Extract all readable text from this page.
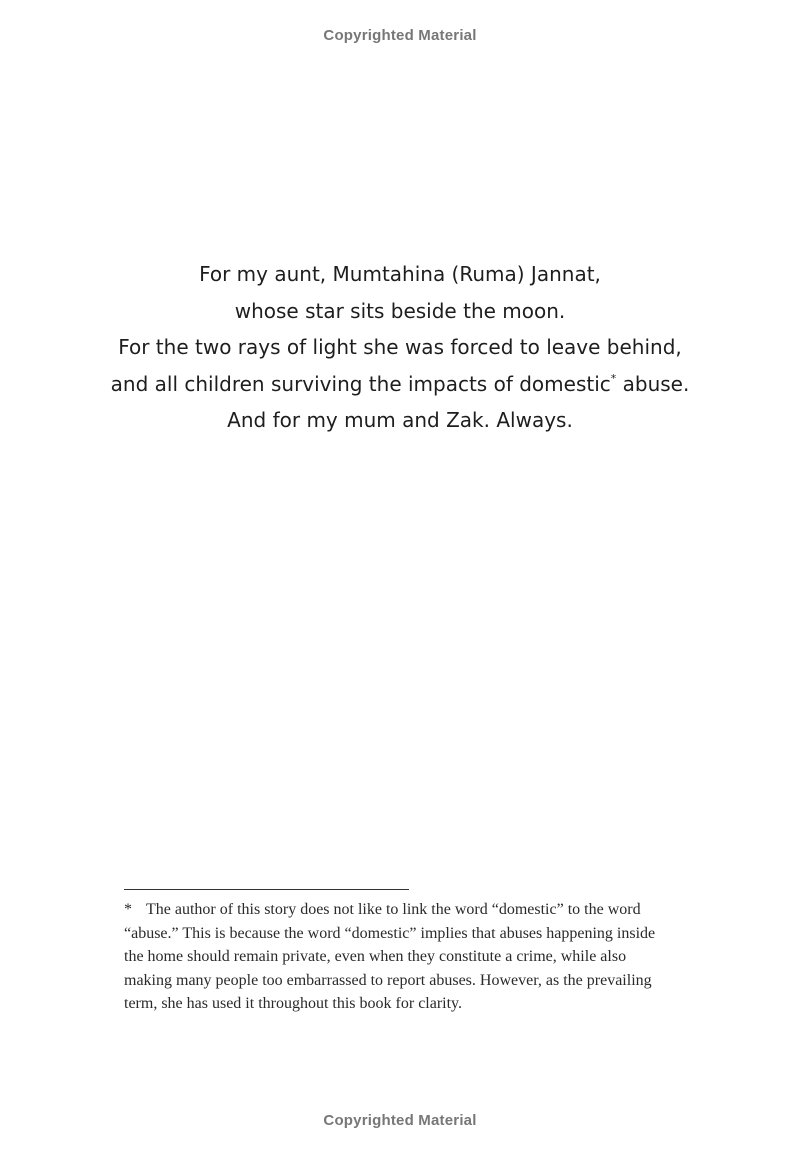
Copyrighted Material
For my aunt, Mumtahina (Ruma) Jannat,
whose star sits beside the moon.
For the two rays of light she was forced to leave behind,
and all children surviving the impacts of domestic* abuse.
And for my mum and Zak. Always.
* The author of this story does not like to link the word “domestic” to the word
“abuse.” This is because the word “domestic” implies that abuses happening inside
the home should remain private, even when they constitute a crime, while also
making many people too embarrassed to report abuses. However, as the prevailing
term, she has used it throughout this book for clarity.
Copyrighted Material
